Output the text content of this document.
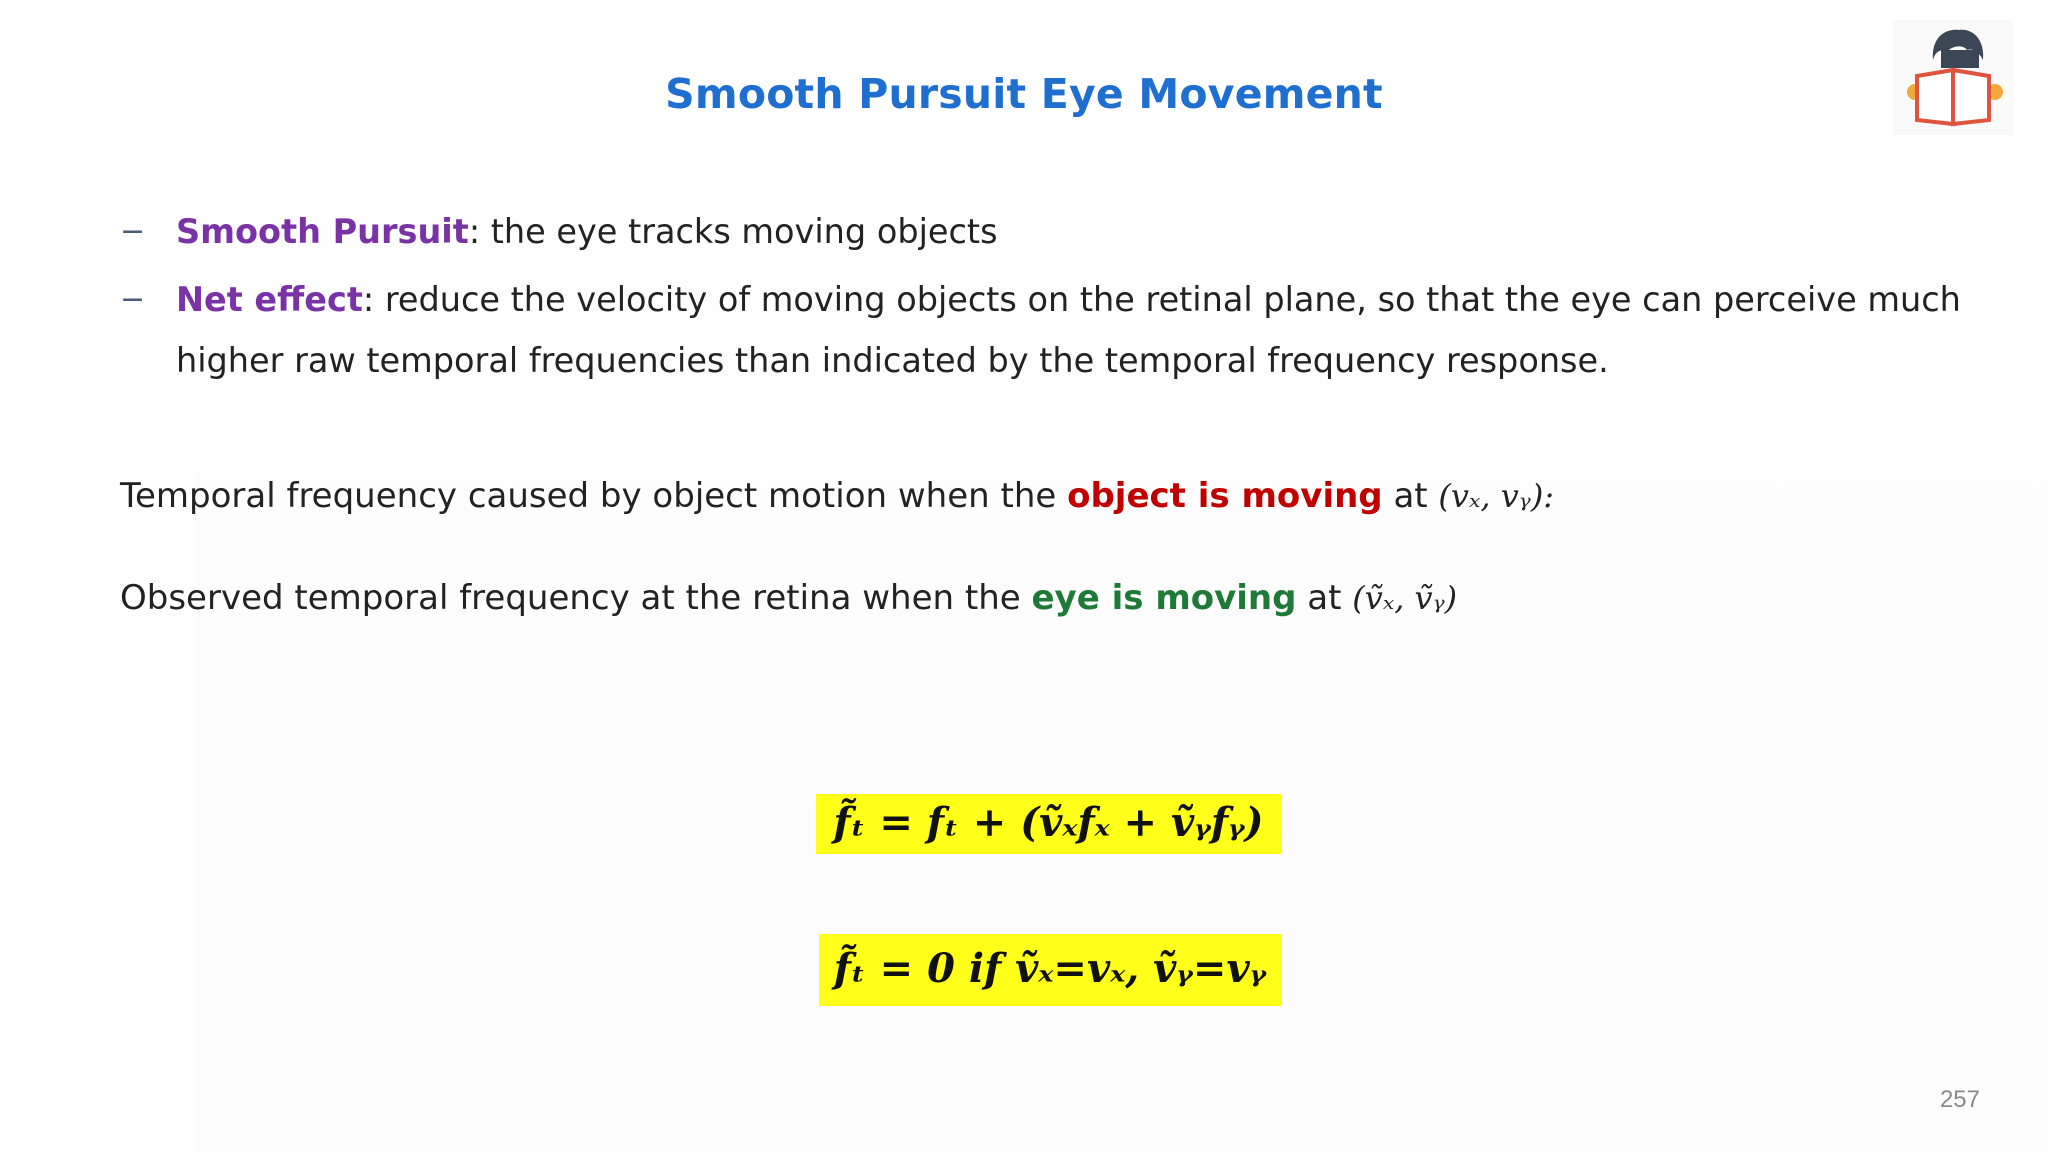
Smooth Pursuit Eye Movement
− Smooth Pursuit: the eye tracks moving objects
− Net effect: reduce the velocity of moving objects on the retinal plane, so that the eye can perceive much
higher raw temporal frequencies than indicated by the temporal frequency response.
Temporal frequency caused by object motion when the object is moving at (vₓ, vᵧ):
Observed temporal frequency at the retina when the eye is moving at (ṽₓ, ṽᵧ)
f̃ₜ = fₜ + (ṽₓfₓ + ṽᵧfᵧ)
f̃ₜ = 0 if ṽₓ=vₓ, ṽᵧ=vᵧ
257
